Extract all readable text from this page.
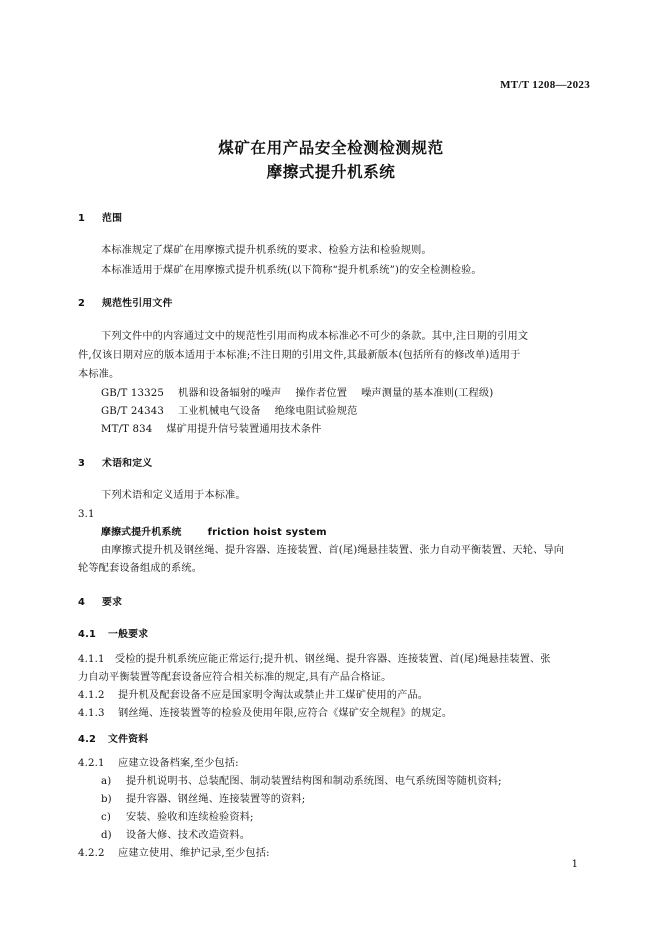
MT/T 1208—2023
煤矿在用产品安全检测检测规范
摩擦式提升机系统
1 范围
本标准规定了煤矿在用摩擦式提升机系统的要求、检验方法和检验规则。
本标准适用于煤矿在用摩擦式提升机系统(以下简称“提升机系统”)的安全检测检验。
2 规范性引用文件
下列文件中的内容通过文中的规范性引用而构成本标准必不可少的条款。其中,注日期的引用文
件,仅该日期对应的版本适用于本标准;不注日期的引用文件,其最新版本(包括所有的修改单)适用于
本标准。
GB/T 13325 机器和设备辐射的噪声 操作者位置 噪声测量的基本准则(工程级)
GB/T 24343 工业机械电气设备 绝缘电阻试验规范
MT/T 834 煤矿用提升信号装置通用技术条件
3 术语和定义
下列术语和定义适用于本标准。
3.1
摩擦式提升机系统	friction hoist system
由摩擦式提升机及钢丝绳、提升容器、连接装置、首(尾)绳悬挂装置、张力自动平衡装置、天轮、导向
轮等配套设备组成的系统。
4 要求
4.1 一般要求
4.1.1 受检的提升机系统应能正常运行;提升机、钢丝绳、提升容器、连接装置、首(尾)绳悬挂装置、张
力自动平衡装置等配套设备应符合相关标准的规定,具有产品合格证。
4.1.2 提升机及配套设备不应是国家明令淘汰或禁止井工煤矿使用的产品。
4.1.3 钢丝绳、连接装置等的检验及使用年限,应符合《煤矿安全规程》的规定。
4.2 文件资料
4.2.1 应建立设备档案,至少包括:
a) 提升机说明书、总装配图、制动装置结构图和制动系统图、电气系统图等随机资料;
b) 提升容器、钢丝绳、连接装置等的资料;
c) 安装、验收和连续检验资料;
d) 设备大修、技术改造资料。
4.2.2 应建立使用、维护记录,至少包括:
1
